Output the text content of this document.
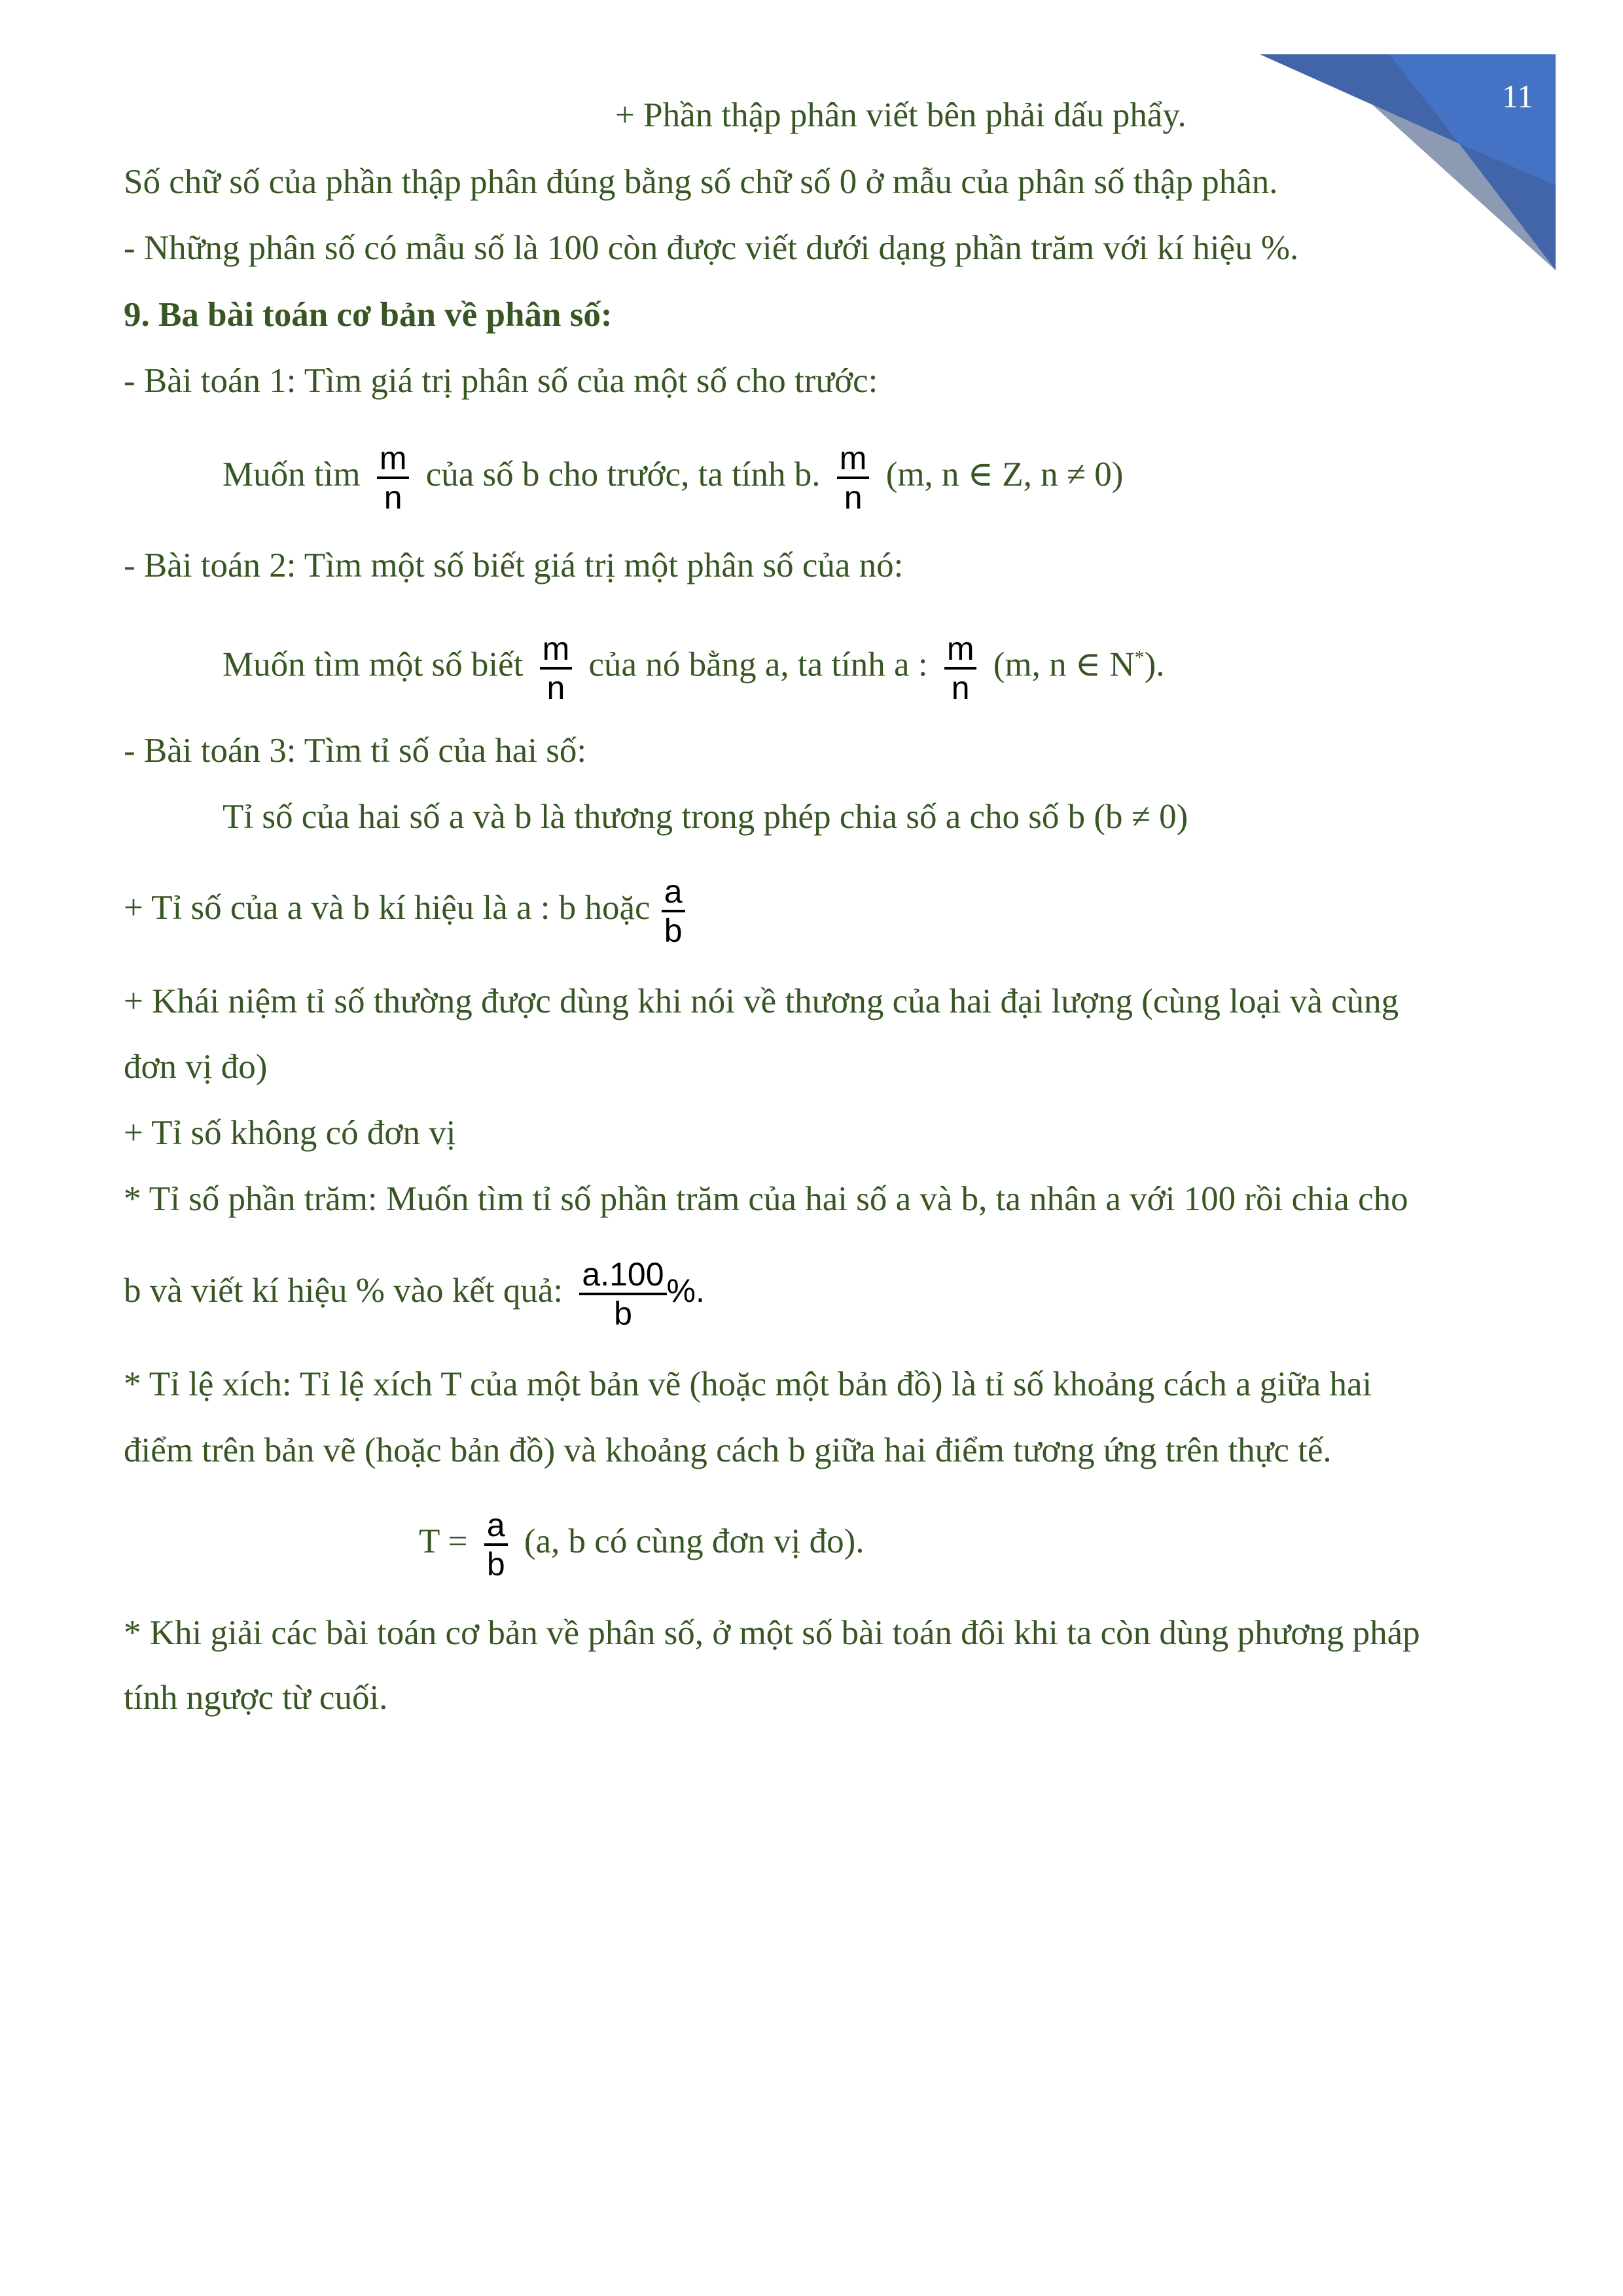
11
+ Phần thập phân viết bên phải dấu phẩy.
Số chữ số của phần thập phân đúng bằng số chữ số 0 ở mẫu của phân số thập phân.
- Những phân số có mẫu số là 100 còn được viết dưới dạng phần trăm với kí hiệu %.
9. Ba bài toán cơ bản về phân số:
- Bài toán 1: Tìm giá trị phân số của một số cho trước:
Muốn tìm $\frac{m}{n}$ của số b cho trước, ta tính b. $\frac{m}{n} (m$, n ∈ Z, n ≠ 0)
- Bài toán 2: Tìm một số biết giá trị một phân số của nó:
Muốn tìm một số biết $\frac{m}{n}$ của nó bằng a, ta tính a : $\frac{m}{n} (m$, n ∈ N*).
- Bài toán 3: Tìm tỉ số của hai số:
Tỉ số của hai số a và b là thương trong phép chia số a cho số b (b ≠ 0)
+ Tỉ số của a và b kí hiệu là a : b hoặc $\frac{a}{b}$
+ Khái niệm tỉ số thường được dùng khi nói về thương của hai đại lượng (cùng loại và cùng
đơn vị đo)
+ Tỉ số không có đơn vị
* Tỉ số phần trăm: Muốn tìm tỉ số phần trăm của hai số a và b, ta nhân a với 100 rồi chia cho
b và viết kí hiệu % vào kết quả: $\frac{a.100}{b}$ %.
* Tỉ lệ xích: Tỉ lệ xích T của một bản vẽ (hoặc một bản đồ) là tỉ số khoảng cách a giữa hai
điểm trên bản vẽ (hoặc bản đồ) và khoảng cách b giữa hai điểm tương ứng trên thực tế.
$T = \frac{a}{b} (a$, b có cùng đơn vị đo).
* Khi giải các bài toán cơ bản về phân số, ở một số bài toán đôi khi ta còn dùng phương pháp
tính ngược từ cuối.
